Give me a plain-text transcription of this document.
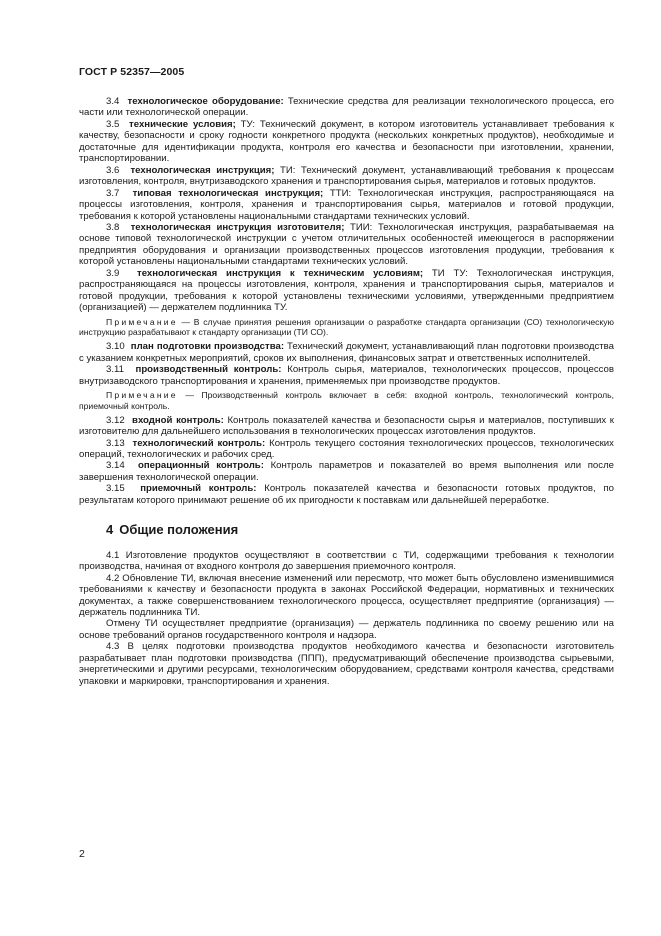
ГОСТ Р 52357—2005

3.4 технологическое оборудование: Технические средства для реализации технологического процесса, его части или технологической операции.

3.5 технические условия; ТУ: Технический документ, в котором изготовитель устанавливает требования к качеству, безопасности и сроку годности конкретного продукта (нескольких конкретных продуктов), необходимые и достаточные для идентификации продукта, контроля его качества и безопасности при изготовлении, хранении, транспортировании.

3.6 технологическая инструкция; ТИ: Технический документ, устанавливающий требования к процессам изготовления, контроля, внутризаводского хранения и транспортирования сырья, материалов и готовых продуктов.

3.7 типовая технологическая инструкция; ТТИ: Технологическая инструкция, распространяющаяся на процессы изготовления, контроля, хранения и транспортирования сырья, материалов и готовой продукции, требования к которой установлены национальными стандартами технических условий.

3.8 технологическая инструкция изготовителя; ТИИ: Технологическая инструкция, разрабатываемая на основе типовой технологической инструкции с учетом отличительных особенностей имеющегося в распоряжении предприятия оборудования и организации производственных процессов изготовления продукции, требования к которой установлены национальными стандартами технических условий.

3.9 технологическая инструкция к техническим условиям; ТИ ТУ: Технологическая инструкция, распространяющаяся на процессы изготовления, контроля, хранения и транспортирования сырья, материалов и готовой продукции, требования к которой установлены техническими условиями, утвержденными предприятием (организацией) — держателем подлинника ТУ.

Примечание — В случае принятия решения организации о разработке стандарта организации (СО) технологическую инструкцию разрабатывают к стандарту организации (ТИ СО).

3.10 план подготовки производства: Технический документ, устанавливающий план подготовки производства с указанием конкретных мероприятий, сроков их выполнения, финансовых затрат и ответственных исполнителей.

3.11 производственный контроль: Контроль сырья, материалов, технологических процессов, процессов внутризаводского транспортирования и хранения, применяемых при производстве продуктов.

Примечание — Производственный контроль включает в себя: входной контроль, технологический контроль, приемочный контроль.

3.12 входной контроль: Контроль показателей качества и безопасности сырья и материалов, поступивших к изготовителю для дальнейшего использования в технологических процессах изготовления продуктов.

3.13 технологический контроль: Контроль текущего состояния технологических процессов, технологических операций, технологических и рабочих сред.

3.14 операционный контроль: Контроль параметров и показателей во время выполнения или после завершения технологической операции.

3.15 приемочный контроль: Контроль показателей качества и безопасности готовых продуктов, по результатам которого принимают решение об их пригодности к поставкам или дальнейшей переработке.

4 Общие положения

4.1 Изготовление продуктов осуществляют в соответствии с ТИ, содержащими требования к технологии производства, начиная от входного контроля до завершения приемочного контроля.

4.2 Обновление ТИ, включая внесение изменений или пересмотр, что может быть обусловлено изменившимися требованиями к качеству и безопасности продукта в законах Российской Федерации, нормативных и технических документах, а также совершенствованием технологического процесса, осуществляет предприятие (организация) — держатель подлинника ТИ.

Отмену ТИ осуществляет предприятие (организация) — держатель подлинника по своему решению или на основе требований органов государственного контроля и надзора.

4.3 В целях подготовки производства продуктов необходимого качества и безопасности изготовитель разрабатывает план подготовки производства (ППП), предусматривающий обеспечение производства сырьевыми, энергетическими и другими ресурсами, технологическим оборудованием, средствами контроля качества, средствами упаковки и маркировки, транспортирования и хранения.

2
